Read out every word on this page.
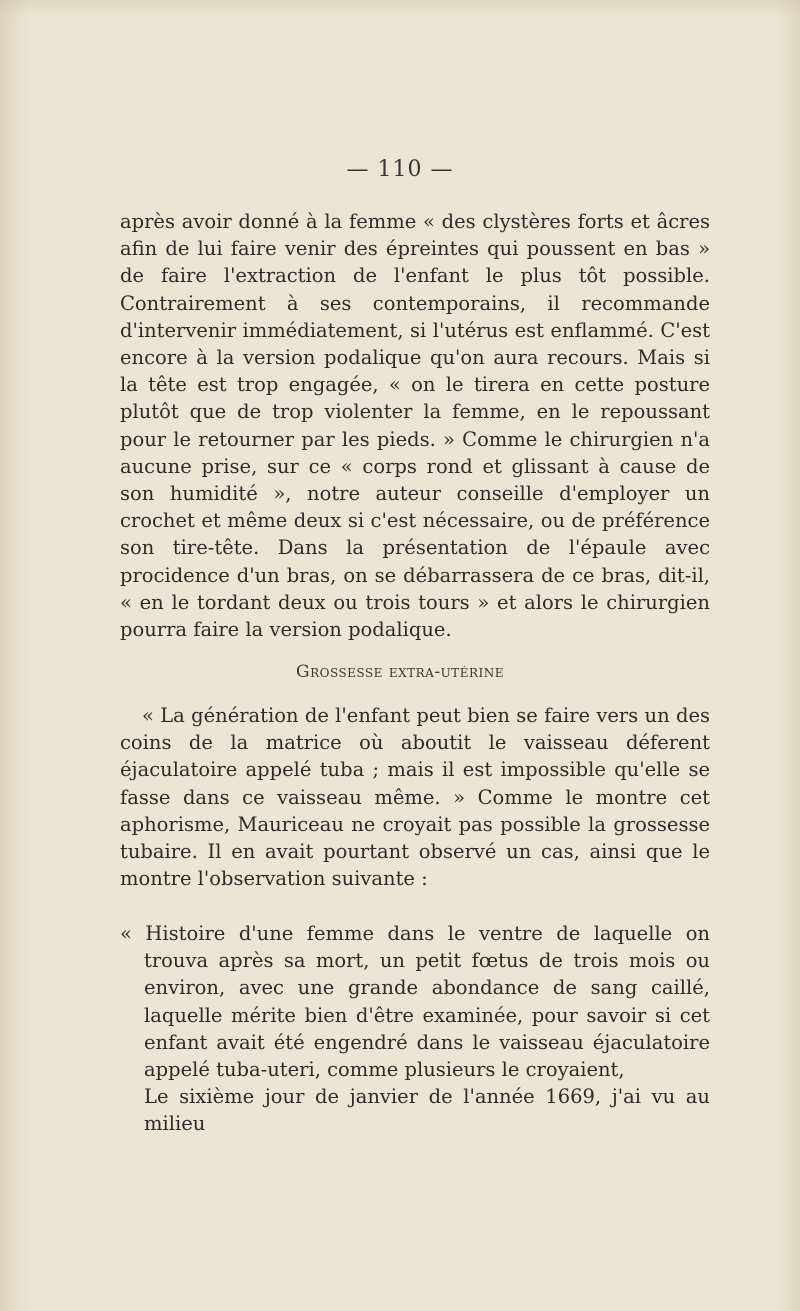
— 110 —
après avoir donné à la femme « des clystères forts et âcres afin de lui faire venir des épreintes qui poussent en bas » de faire l'extraction de l'enfant le plus tôt possible. Contrairement à ses contemporains, il recommande d'intervenir immédiatement, si l'utérus est enflammé. C'est encore à la version podalique qu'on aura recours. Mais si la tête est trop engagée, « on le tirera en cette posture plutôt que de trop violenter la femme, en le repoussant pour le retourner par les pieds. » Comme le chirurgien n'a aucune prise, sur ce « corps rond et glissant à cause de son humidité », notre auteur conseille d'employer un crochet et même deux si c'est nécessaire, ou de préférence son tire-tête. Dans la présentation de l'épaule avec procidence d'un bras, on se débarrassera de ce bras, dit-il, « en le tordant deux ou trois tours » et alors le chirurgien pourra faire la version podalique.
Grossesse extra-utérine
« La génération de l'enfant peut bien se faire vers un des coins de la matrice où aboutit le vaisseau déferent éjaculatoire appelé tuba ; mais il est impossible qu'elle se fasse dans ce vaisseau même. » Comme le montre cet aphorisme, Mauriceau ne croyait pas possible la grossesse tubaire. Il en avait pourtant observé un cas, ainsi que le montre l'observation suivante :
« Histoire d'une femme dans le ventre de laquelle on trouva après sa mort, un petit fœtus de trois mois ou environ, avec une grande abondance de sang caillé, laquelle mérite bien d'être examinée, pour savoir si cet enfant avait été engendré dans le vaisseau éjaculatoire appelé tuba-uteri, comme plusieurs le croyaient,
Le sixième jour de janvier de l'année 1669, j'ai vu au milieu
